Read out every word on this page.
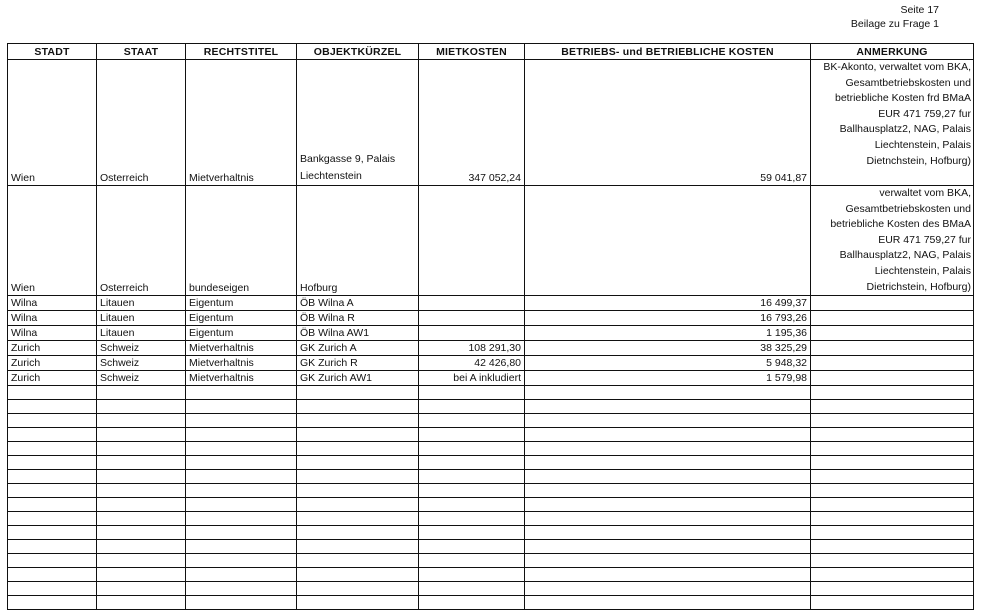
Seite 17
Beilage zu Frage 1
STADT	STAAT	RECHTSTITEL	OBJEKTKÜRZEL	MIETKOSTEN	BETRIEBS- und BETRIEBLICHE KOSTEN	ANMERKUNG
Wien	Osterreich	Mietverhaltnis	Bankgasse 9, Palais Liechtenstein	347 052,24	59 041,87	BK-Akonto, verwaltet vom BKA, Gesamtbetriebskosten und betriebliche Kosten frd BMaA EUR 471 759,27 fur Ballhausplatz2, NAG, Palais Liechtenstein, Palais Dietnchstein, Hofburg)
Wien	Osterreich	bundeseigen	Hofburg			verwaltet vom BKA, Gesamtbetriebskosten und betriebliche Kosten des BMaA EUR 471 759,27 fur Ballhausplatz2, NAG, Palais Liechtenstein, Palais Dietrichstein, Hofburg)
Wilna	Litauen	Eigentum	ÖB Wilna A		16 499,37	
Wilna	Litauen	Eigentum	ÖB Wilna R		16 793,26	
Wilna	Litauen	Eigentum	ÖB Wilna AW1		1 195,36	
Zurich	Schweiz	Mietverhaltnis	GK Zurich A	108 291,30	38 325,29	
Zurich	Schweiz	Mietverhaltnis	GK Zurich R	42 426,80	5 948,32	
Zurich	Schweiz	Mietverhaltnis	GK Zurich AW1	bei A inkludiert	1 579,98	
